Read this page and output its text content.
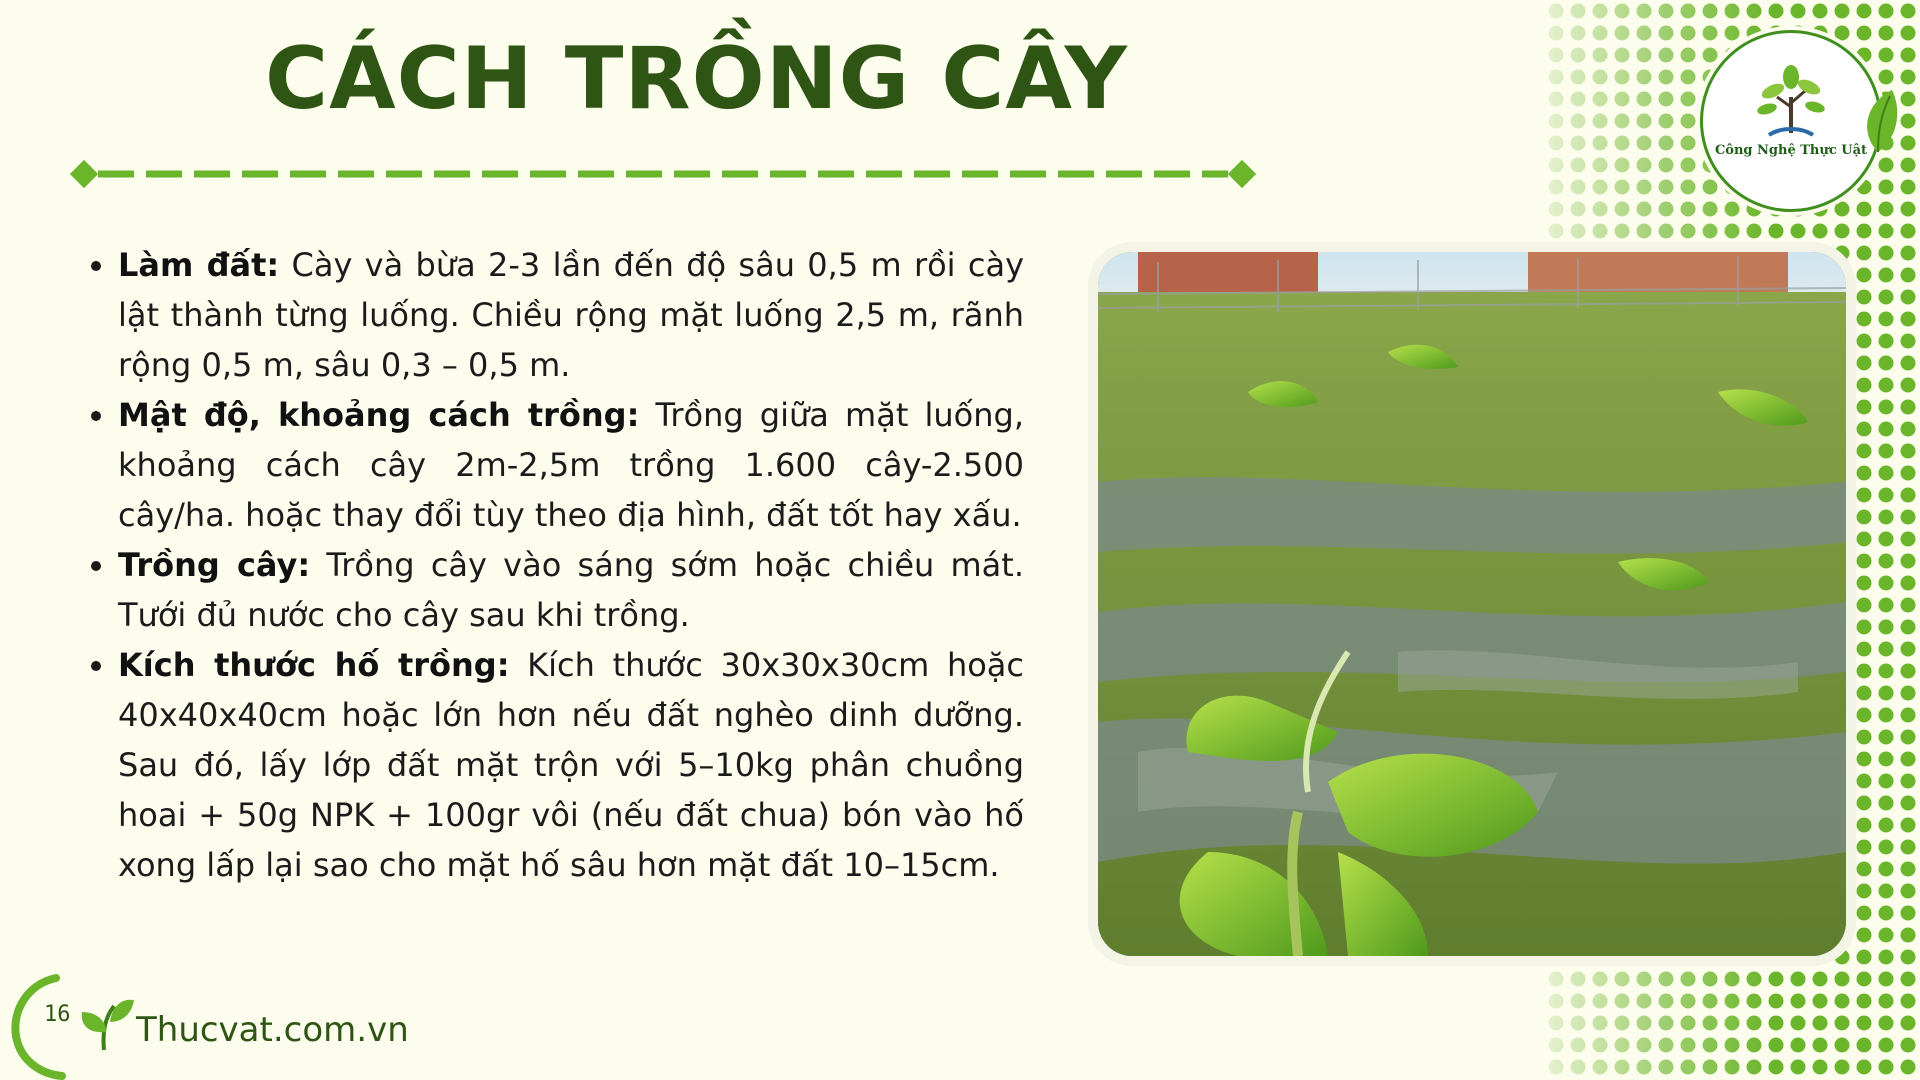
CÁCH TRỒNG CÂY
• Làm đất: Cày và bừa 2-3 lần đến độ sâu 0,5 m rồi cày lật thành từng luống. Chiều rộng mặt luống 2,5 m, rãnh rộng 0,5 m, sâu 0,3 – 0,5 m.
• Mật độ, khoảng cách trồng: Trồng giữa mặt luống, khoảng cách cây 2m-2,5m trồng 1.600 cây-2.500 cây/ha. hoặc thay đổi tùy theo địa hình, đất tốt hay xấu.
• Trồng cây: Trồng cây vào sáng sớm hoặc chiều mát. Tưới đủ nước cho cây sau khi trồng.
• Kích thước hố trồng: Kích thước 30x30x30cm hoặc 40x40x40cm hoặc lớn hơn nếu đất nghèo dinh dưỡng. Sau đó, lấy lớp đất mặt trộn với 5–10kg phân chuồng hoai + 50g NPK + 100gr vôi (nếu đất chua) bón vào hố xong lấp lại sao cho mặt hố sâu hơn mặt đất 10–15cm.
Công Nghệ Thực Uật
16 Thucvat.com.vn
